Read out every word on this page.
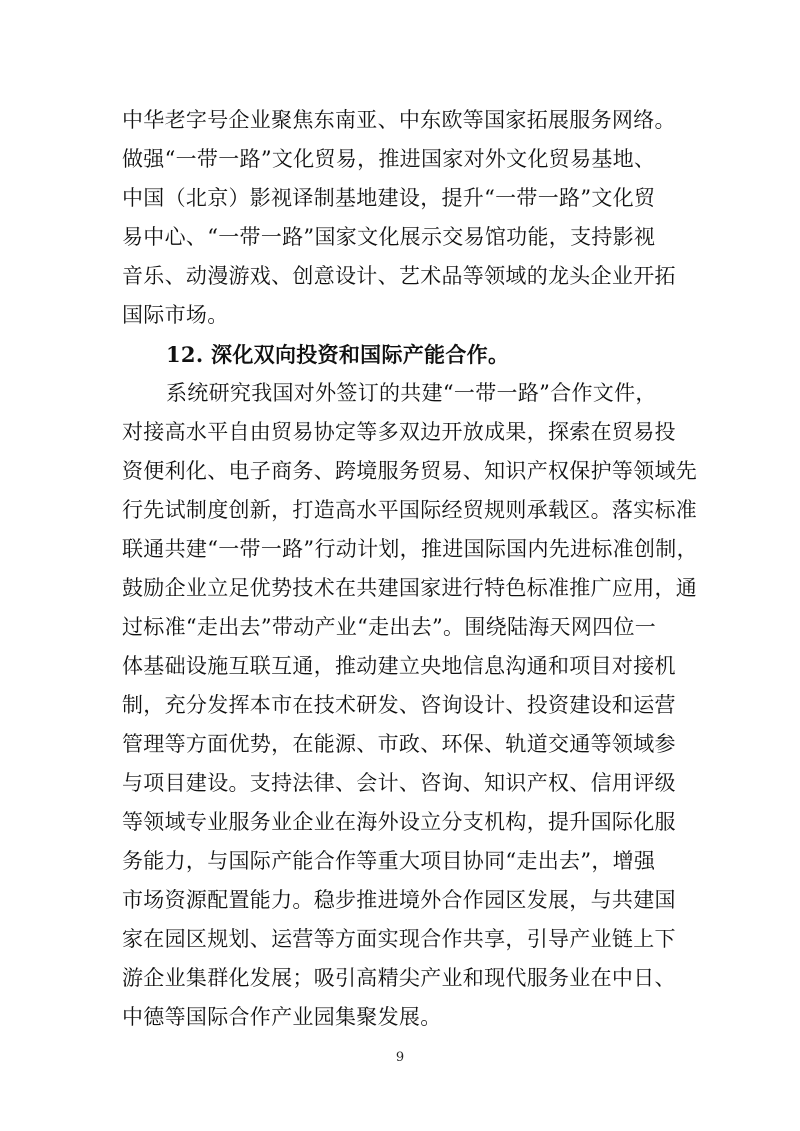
中华老字号企业聚焦东南亚、中东欧等国家拓展服务网络。
做强“一带一路”文化贸易，推进国家对外文化贸易基地、
中国（北京）影视译制基地建设，提升“一带一路”文化贸
易中心、“一带一路”国家文化展示交易馆功能，支持影视
音乐、动漫游戏、创意设计、艺术品等领域的龙头企业开拓
国际市场。
12. 深化双向投资和国际产能合作。
系统研究我国对外签订的共建“一带一路”合作文件，
对接高水平自由贸易协定等多双边开放成果，探索在贸易投
资便利化、电子商务、跨境服务贸易、知识产权保护等领域先
行先试制度创新，打造高水平国际经贸规则承载区。落实标准
联通共建“一带一路”行动计划，推进国际国内先进标准创制，
鼓励企业立足优势技术在共建国家进行特色标准推广应用，通
过标准“走出去”带动产业“走出去”。围绕陆海天网四位一
体基础设施互联互通，推动建立央地信息沟通和项目对接机
制，充分发挥本市在技术研发、咨询设计、投资建设和运营
管理等方面优势，在能源、市政、环保、轨道交通等领域参
与项目建设。支持法律、会计、咨询、知识产权、信用评级
等领域专业服务业企业在海外设立分支机构，提升国际化服
务能力，与国际产能合作等重大项目协同“走出去”，增强
市场资源配置能力。稳步推进境外合作园区发展，与共建国
家在园区规划、运营等方面实现合作共享，引导产业链上下
游企业集群化发展；吸引高精尖产业和现代服务业在中日、
中德等国际合作产业园集聚发展。
9
